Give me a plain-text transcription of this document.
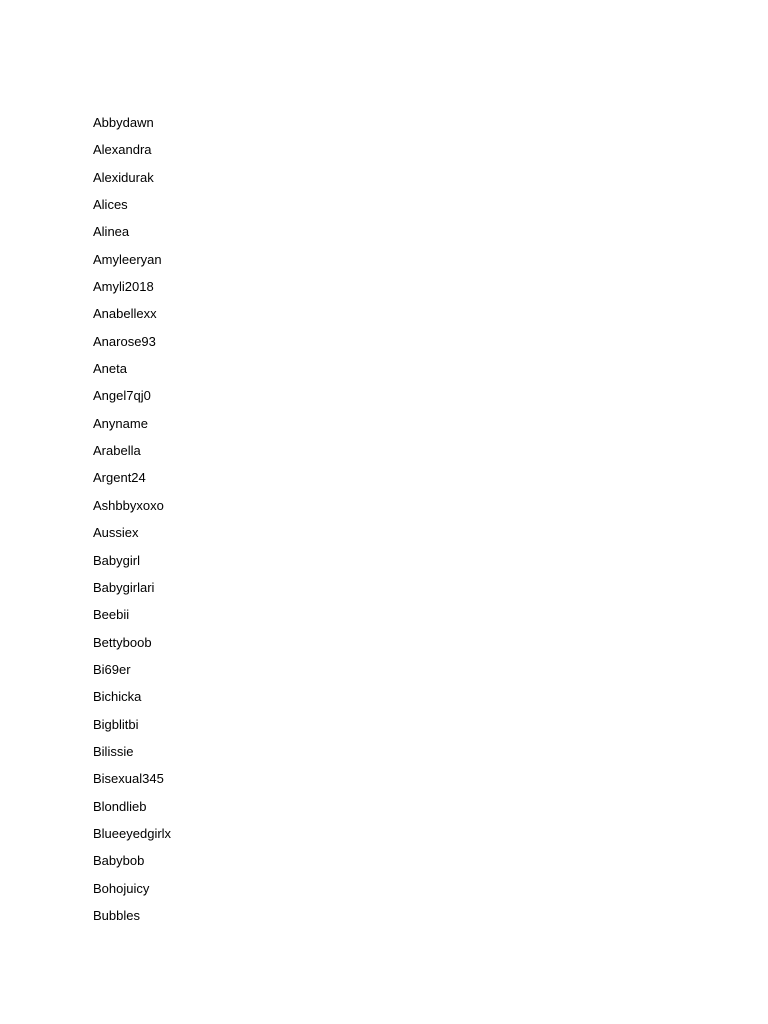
Abbydawn
Alexandra
Alexidurak
Alices
Alinea
Amyleeryan
Amyli2018
Anabellexx
Anarose93
Aneta
Angel7qj0
Anyname
Arabella
Argent24
Ashbbyxoxo
Aussiex
Babygirl
Babygirlari
Beebii
Bettyboob
Bi69er
Bichicka
Bigblitbi
Bilissie
Bisexual345
Blondlieb
Blueeyedgirlx
Babybob
Bohojuicy
Bubbles
